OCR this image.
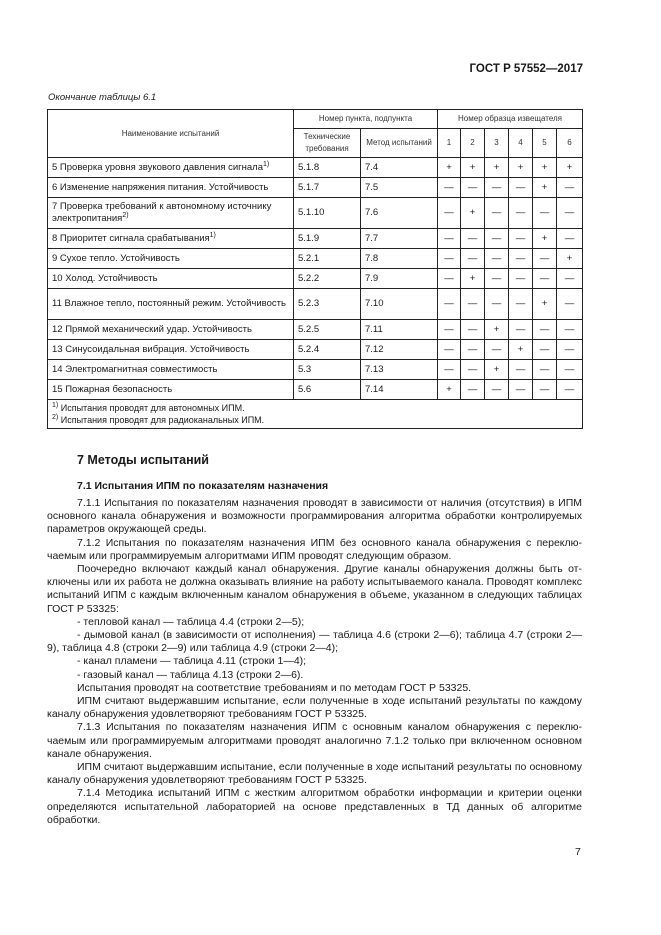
ГОСТ Р 57552—2017
Окончание таблицы 6.1
Наименование испытаний	Номер пункта, подпункта		Номер образца извещателя					
	Технические требования	Метод испытаний	1	2	3	4	5	6
5 Проверка уровня звукового давления сигнала$^{1)}$	5.1.8	7.4	+	+	+	+	+	+
6 Изменение напряжения питания. Устойчивость	5.1.7	7.5	—	—	—	—	+	—
7 Проверка требований к автономному источнику электропитания$^{2)}$	5.1.10	7.6	—	+	—	—	—	—
8 Приоритет сигнала срабатывания$^{1)}$	5.1.9	7.7	—	—	—	—	+	—
9 Сухое тепло. Устойчивость	5.2.1	7.8	—	—	—	—	—	+
10 Холод. Устойчивость	5.2.2	7.9	—	+	—	—	—	—
11 Влажное тепло, постоянный режим. Устойчивость	5.2.3	7.10	—	—	—	—	+	—
12 Прямой механический удар. Устойчивость	5.2.5	7.11	—	—	+	—	—	—
13 Синусоидальная вибрация. Устойчивость	5.2.4	7.12	—	—	—	+	—	—
14 Электромагнитная совместимость	5.3	7.13	—	—	+	—	—	—
15 Пожарная безопасность	5.6	7.14	+	—	—	—	—	—

$^{1)}$ Испытания проводят для автономных ИПМ.
$^{2)}$ Испытания проводят для радиоканальных ИПМ.								
7 Методы испытаний
7.1 Испытания ИПМ по показателям назначения

7.1.1 Испытания по показателям назначения проводят в зависимости от наличия (отсутствия) в ИПМ основного канала обнаружения и возможности программирования алгоритма обработки контролируемых параметров окружающей среды.

7.1.2 Испытания по показателям назначения ИПМ без основного канала обнаружения с переключаемым или программируемым алгоритмами ИПМ проводят следующим образом.

Поочередно включают каждый канал обнаружения. Другие каналы обнаружения должны быть отключены или их работа не должна оказывать влияние на работу испытываемого канала. Проводят комплекс испытаний ИПМ с каждым включенным каналом обнаружения в объеме, указанном в следующих таблицах ГОСТ Р 53325:

- тепловой канал — таблица 4.4 (строки 2—5);

- дымовой канал (в зависимости от исполнения) — таблица 4.6 (строки 2—6); таблица 4.7 (строки 2—9), таблица 4.8 (строки 2—9) или таблица 4.9 (строки 2—4);

- канал пламени — таблица 4.11 (строки 1—4);

- газовый канал — таблица 4.13 (строки 2—6).

Испытания проводят на соответствие требованиям и по методам ГОСТ Р 53325.

ИПМ считают выдержавшим испытание, если полученные в ходе испытаний результаты по каждому каналу обнаружения удовлетворяют требованиям ГОСТ Р 53325.

7.1.3 Испытания по показателям назначения ИПМ с основным каналом обнаружения с переключаемым или программируемым алгоритмами проводят аналогично 7.1.2 только при включенном основном канале обнаружения.

ИПМ считают выдержавшим испытание, если полученные в ходе испытаний результаты по основному каналу обнаружения удовлетворяют требованиям ГОСТ Р 53325.

7.1.4 Методика испытаний ИПМ с жестким алгоритмом обработки информации и критерии оценки определяются испытательной лабораторией на основе представленных в ТД данных об алгоритме обработки.

7
